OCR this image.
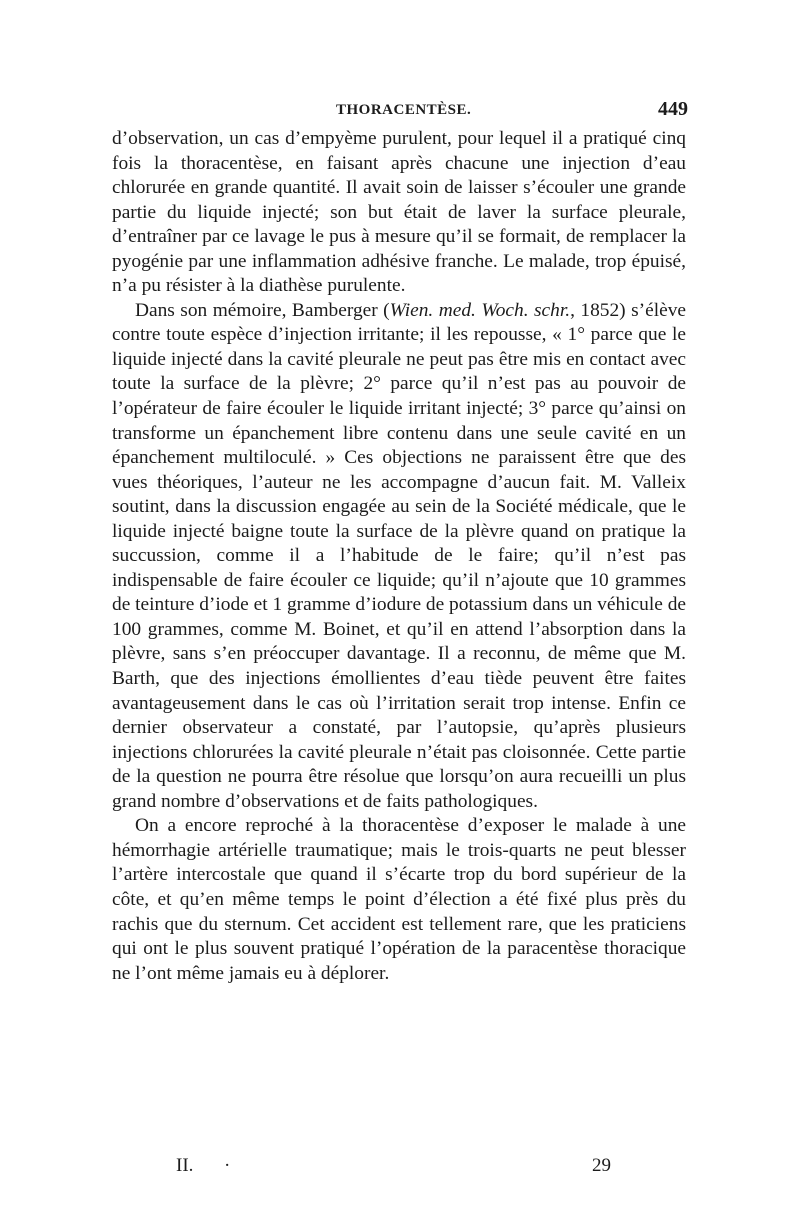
THORACENTÈSE.	449

d’observation, un cas d’empyème purulent, pour lequel il a pratiqué cinq fois la thoracentèse, en faisant après chacune une injection d’eau chlorurée en grande quantité. Il avait soin de laisser s’écouler une grande partie du liquide injecté; son but était de laver la surface pleurale, d’entraîner par ce lavage le pus à mesure qu’il se formait, de remplacer la pyogénie par une inflammation adhésive franche. Le malade, trop épuisé, n’a pu résister à la diathèse purulente.

Dans son mémoire, Bamberger (Wien. med. Woch. schr., 1852) s’élève contre toute espèce d’injection irritante; il les repousse, « 1° parce que le liquide injecté dans la cavité pleurale ne peut pas être mis en contact avec toute la surface de la plèvre; 2° parce qu’il n’est pas au pouvoir de l’opérateur de faire écouler le liquide irritant injecté; 3° parce qu’ainsi on transforme un épanchement libre contenu dans une seule cavité en un épanchement multiloculé. » Ces objections ne paraissent être que des vues théoriques, l’auteur ne les accompagne d’aucun fait. M. Valleix soutint, dans la discussion engagée au sein de la Société médicale, que le liquide injecté baigne toute la surface de la plèvre quand on pratique la succussion, comme il a l’habitude de le faire; qu’il n’est pas indispensable de faire écouler ce liquide; qu’il n’ajoute que 10 grammes de teinture d’iode et 1 gramme d’iodure de potassium dans un véhicule de 100 grammes, comme M. Boinet, et qu’il en attend l’absorption dans la plèvre, sans s’en préoccuper davantage. Il a reconnu, de même que M. Barth, que des injections émollientes d’eau tiède peuvent être faites avantageusement dans le cas où l’irritation serait trop intense. Enfin ce dernier observateur a constaté, par l’autopsie, qu’après plusieurs injections chlorurées la cavité pleurale n’était pas cloisonnée. Cette partie de la question ne pourra être résolue que lorsqu’on aura recueilli un plus grand nombre d’observations et de faits pathologiques.

On a encore reproché à la thoracentèse d’exposer le malade à une hémorrhagie artérielle traumatique; mais le trois-quarts ne peut blesser l’artère intercostale que quand il s’écarte trop du bord supérieur de la côte, et qu’en même temps le point d’élection a été fixé plus près du rachis que du sternum. Cet accident est tellement rare, que les praticiens qui ont le plus souvent pratiqué l’opération de la paracentèse thoracique ne l’ont même jamais eu à déplorer.

II. ·	29
